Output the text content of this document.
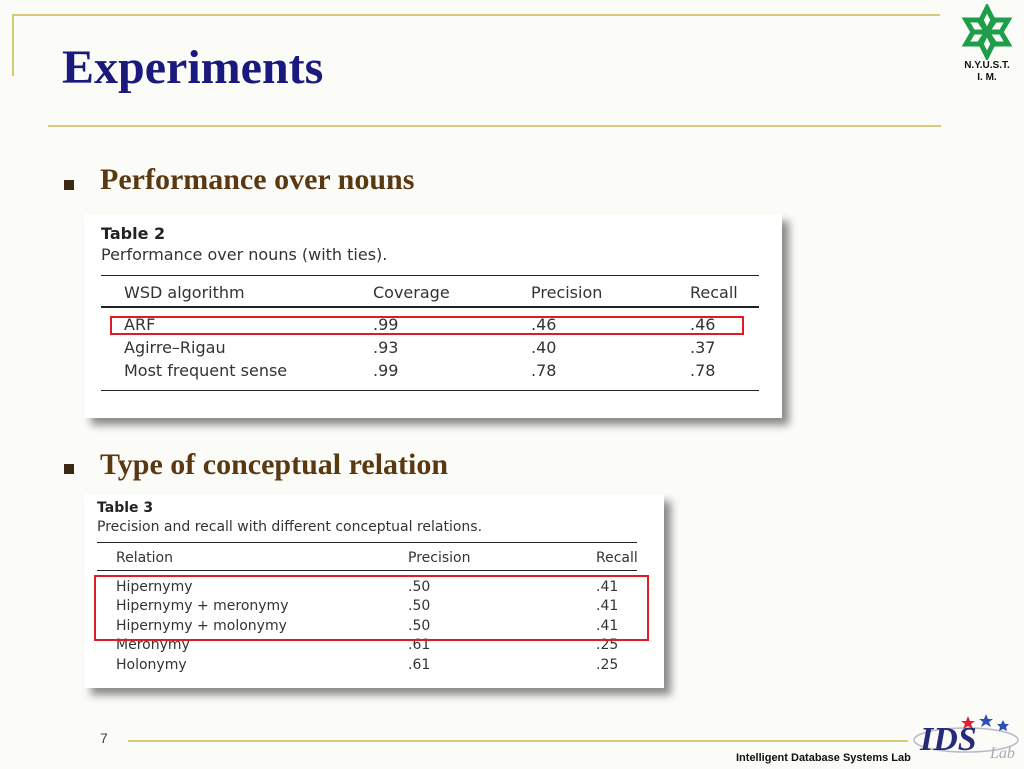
Experiments	N.Y.U.S.T.
I. M.

Performance over nouns

Table 2
Performance over nouns (with ties).
WSD algorithm	Coverage	Precision	Recall
ARF	.99	.46	.46
Agirre–Rigau	.93	.40	.37
Most frequent sense	.99	.78	.78

Type of conceptual relation

Table 3
Precision and recall with different conceptual relations.
Relation	Precision	Recall
Hipernymy	.50	.41
Hipernymy + meronymy	.50	.41
Hipernymy + molonymy	.50	.41
Meronymy	.61	.25
Holonymy	.61	.25
7	IDS Lab
Intelligent Database Systems Lab
